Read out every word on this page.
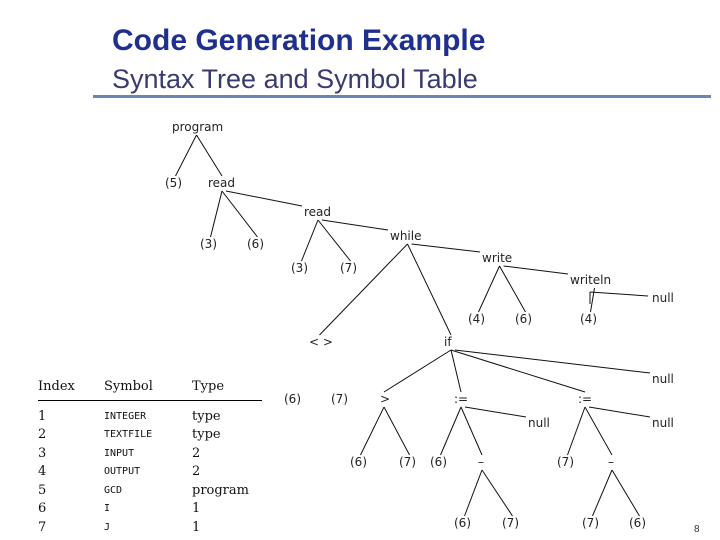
Code Generation Example
Syntax Tree and Symbol Table
program
(5) read
(3)	(6)
read
(3)	(7)
while
write
(4)	(6)
writeln
(4)
null
< >
(6)	(7)
if
null
>
(6)	(7)
:=
(6)	–
(6)	(7)
null
:=
(7)	–
(7)	(6)
null
Index	Symbol	Type
1	INTEGER	type
2	TEXTFILE	type
3	INPUT	2
4	OUTPUT	2
5	GCD	program
6	I	1
7	J	1	8
